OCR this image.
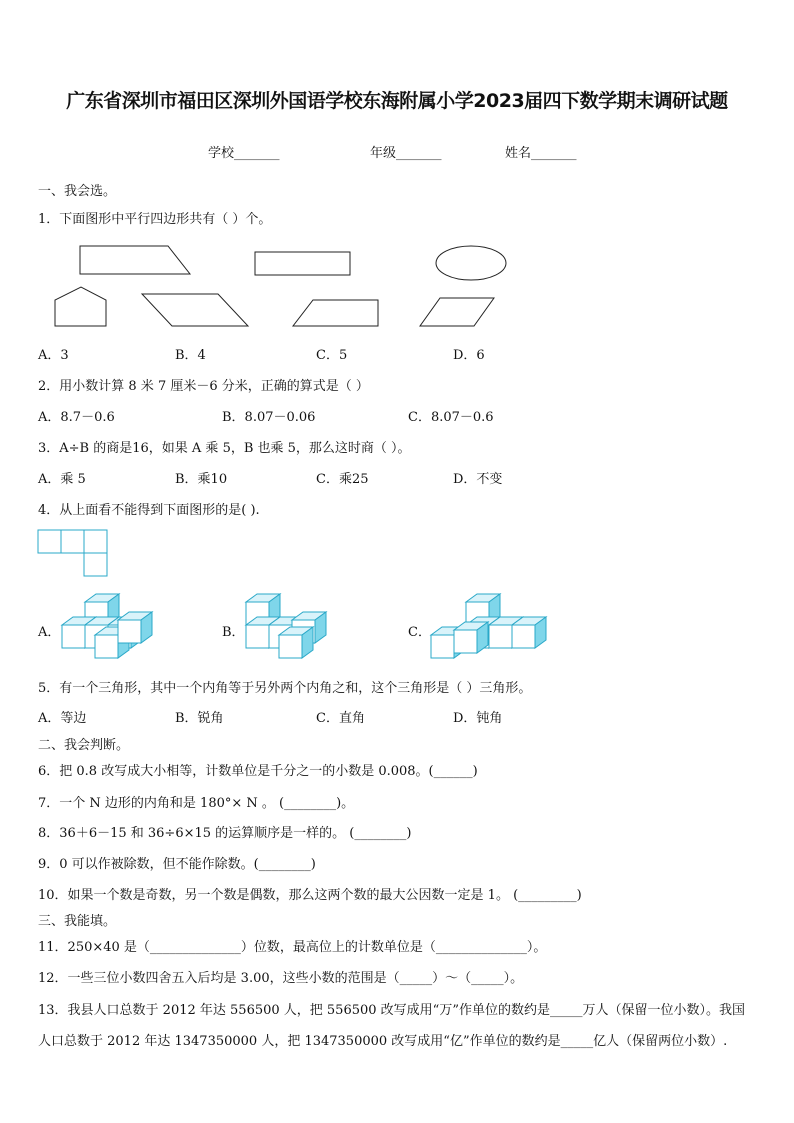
广东省深圳市福田区深圳外国语学校东海附属小学2023届四下数学期末调研试题
学校_______	年级_______	姓名_______
一、我会选。
1．下面图形中平行四边形共有（ ）个。
A．3	B．4	C．5	D．6
2．用小数计算 8 米 7 厘米－6 分米，正确的算式是（ ）
A．8.7－0.6	B．8.07－0.06	C．8.07－0.6
3．A÷B 的商是16，如果 A 乘 5，B 也乘 5，那么这时商（ ）。
A．乘 5	B．乘10	C．乘25	D．不变
4．从上面看不能得到下面图形的是( ).
A．	B．	C．
5．有一个三角形，其中一个内角等于另外两个内角之和，这个三角形是（ ）三角形。
A．等边	B．锐角	C．直角	D．钝角
二、我会判断。
6．把 0.8 改写成大小相等，计数单位是千分之一的小数是 0.008。(______)
7．一个 N 边形的内角和是 180°× N 。 (________)。
8．36＋6－15 和 36÷6×15 的运算顺序是一样的。 (________)
9．0 可以作被除数，但不能作除数。(________)
10．如果一个数是奇数，另一个数是偶数，那么这两个数的最大公因数一定是 1。 (_________)
三、我能填。
11．250×40 是（______________）位数，最高位上的计数单位是（______________）。
12．一些三位小数四舍五入后均是 3.00，这些小数的范围是（_____）～（_____）。
13．我县人口总数于 2012 年达 556500 人，把 556500 改写成用“万”作单位的数约是_____万人（保留一位小数）。我国
人口总数于 2012 年达 1347350000 人，把 1347350000 改写成用“亿”作单位的数约是_____亿人（保留两位小数）.
